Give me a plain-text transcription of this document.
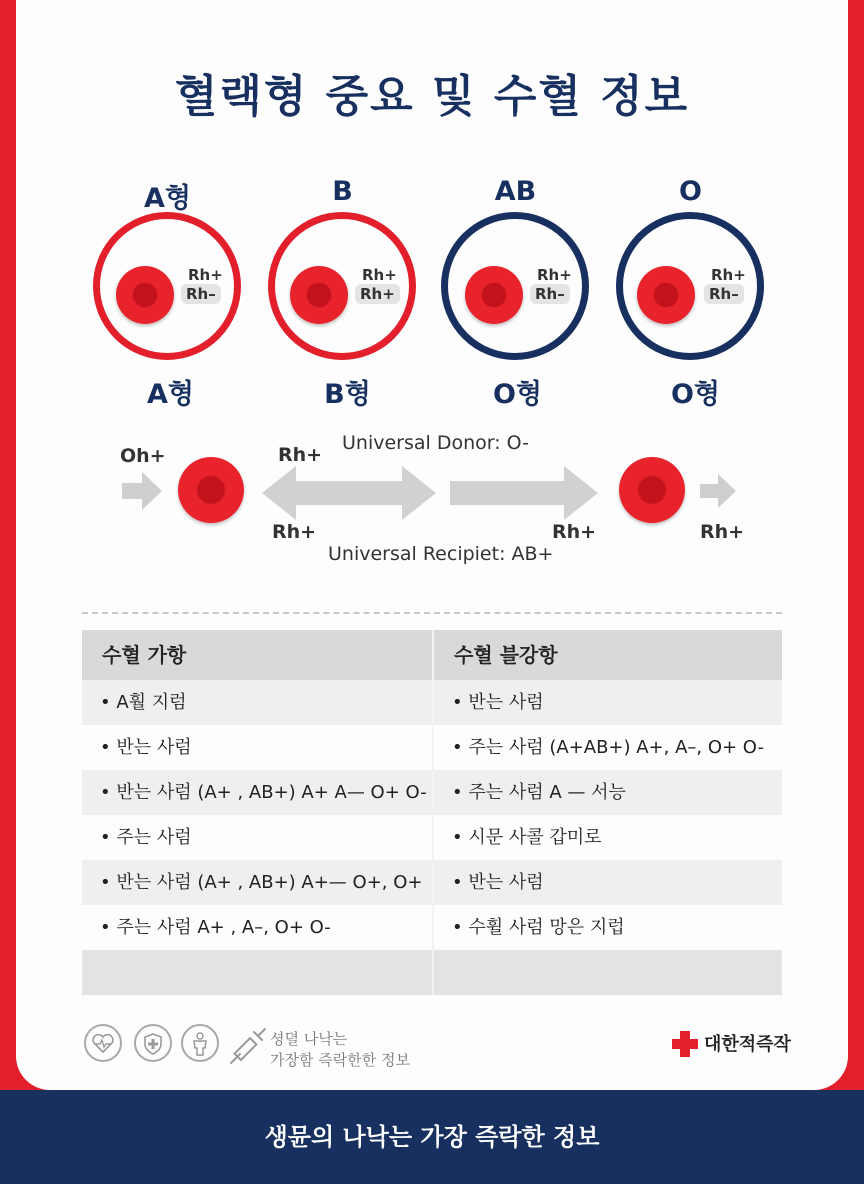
혈랙형 중요 및 수혈 정보
A형
Rh+
Rh–
A형
B
Rh+
Rh+
B형
AB
Rh+
Rh–
O형
O
Rh+
Rh–
O형
Oh+	Rh+
Universal Donor: O-
Rh+
Universal Recipiet: AB+
Rh+	Rh+
수혈 가항	수혈 블강항
• A훨 지럼	• 반는 사럼
• 반는 사럼	• 주는 사럼 (A+AB+) A+, A–, O+ O-
• 반는 사럼 (A+ , AB+) A+ A— O+ O-	• 주는 사럼 A — 서능
• 주는 사럼	• 시문 사콜 갑미로
• 반는 사럼 (A+ , AB+) A+— O+, O+	• 반는 사럼
• 주는 사럼 A+ , A–, O+ O-	• 수휠 사럼 망은 지럽
셩뎔 나낙는
가장함 즉락한한 정보
대한적즉작
생뮨의 나낙는 가장 즉락한 정보
